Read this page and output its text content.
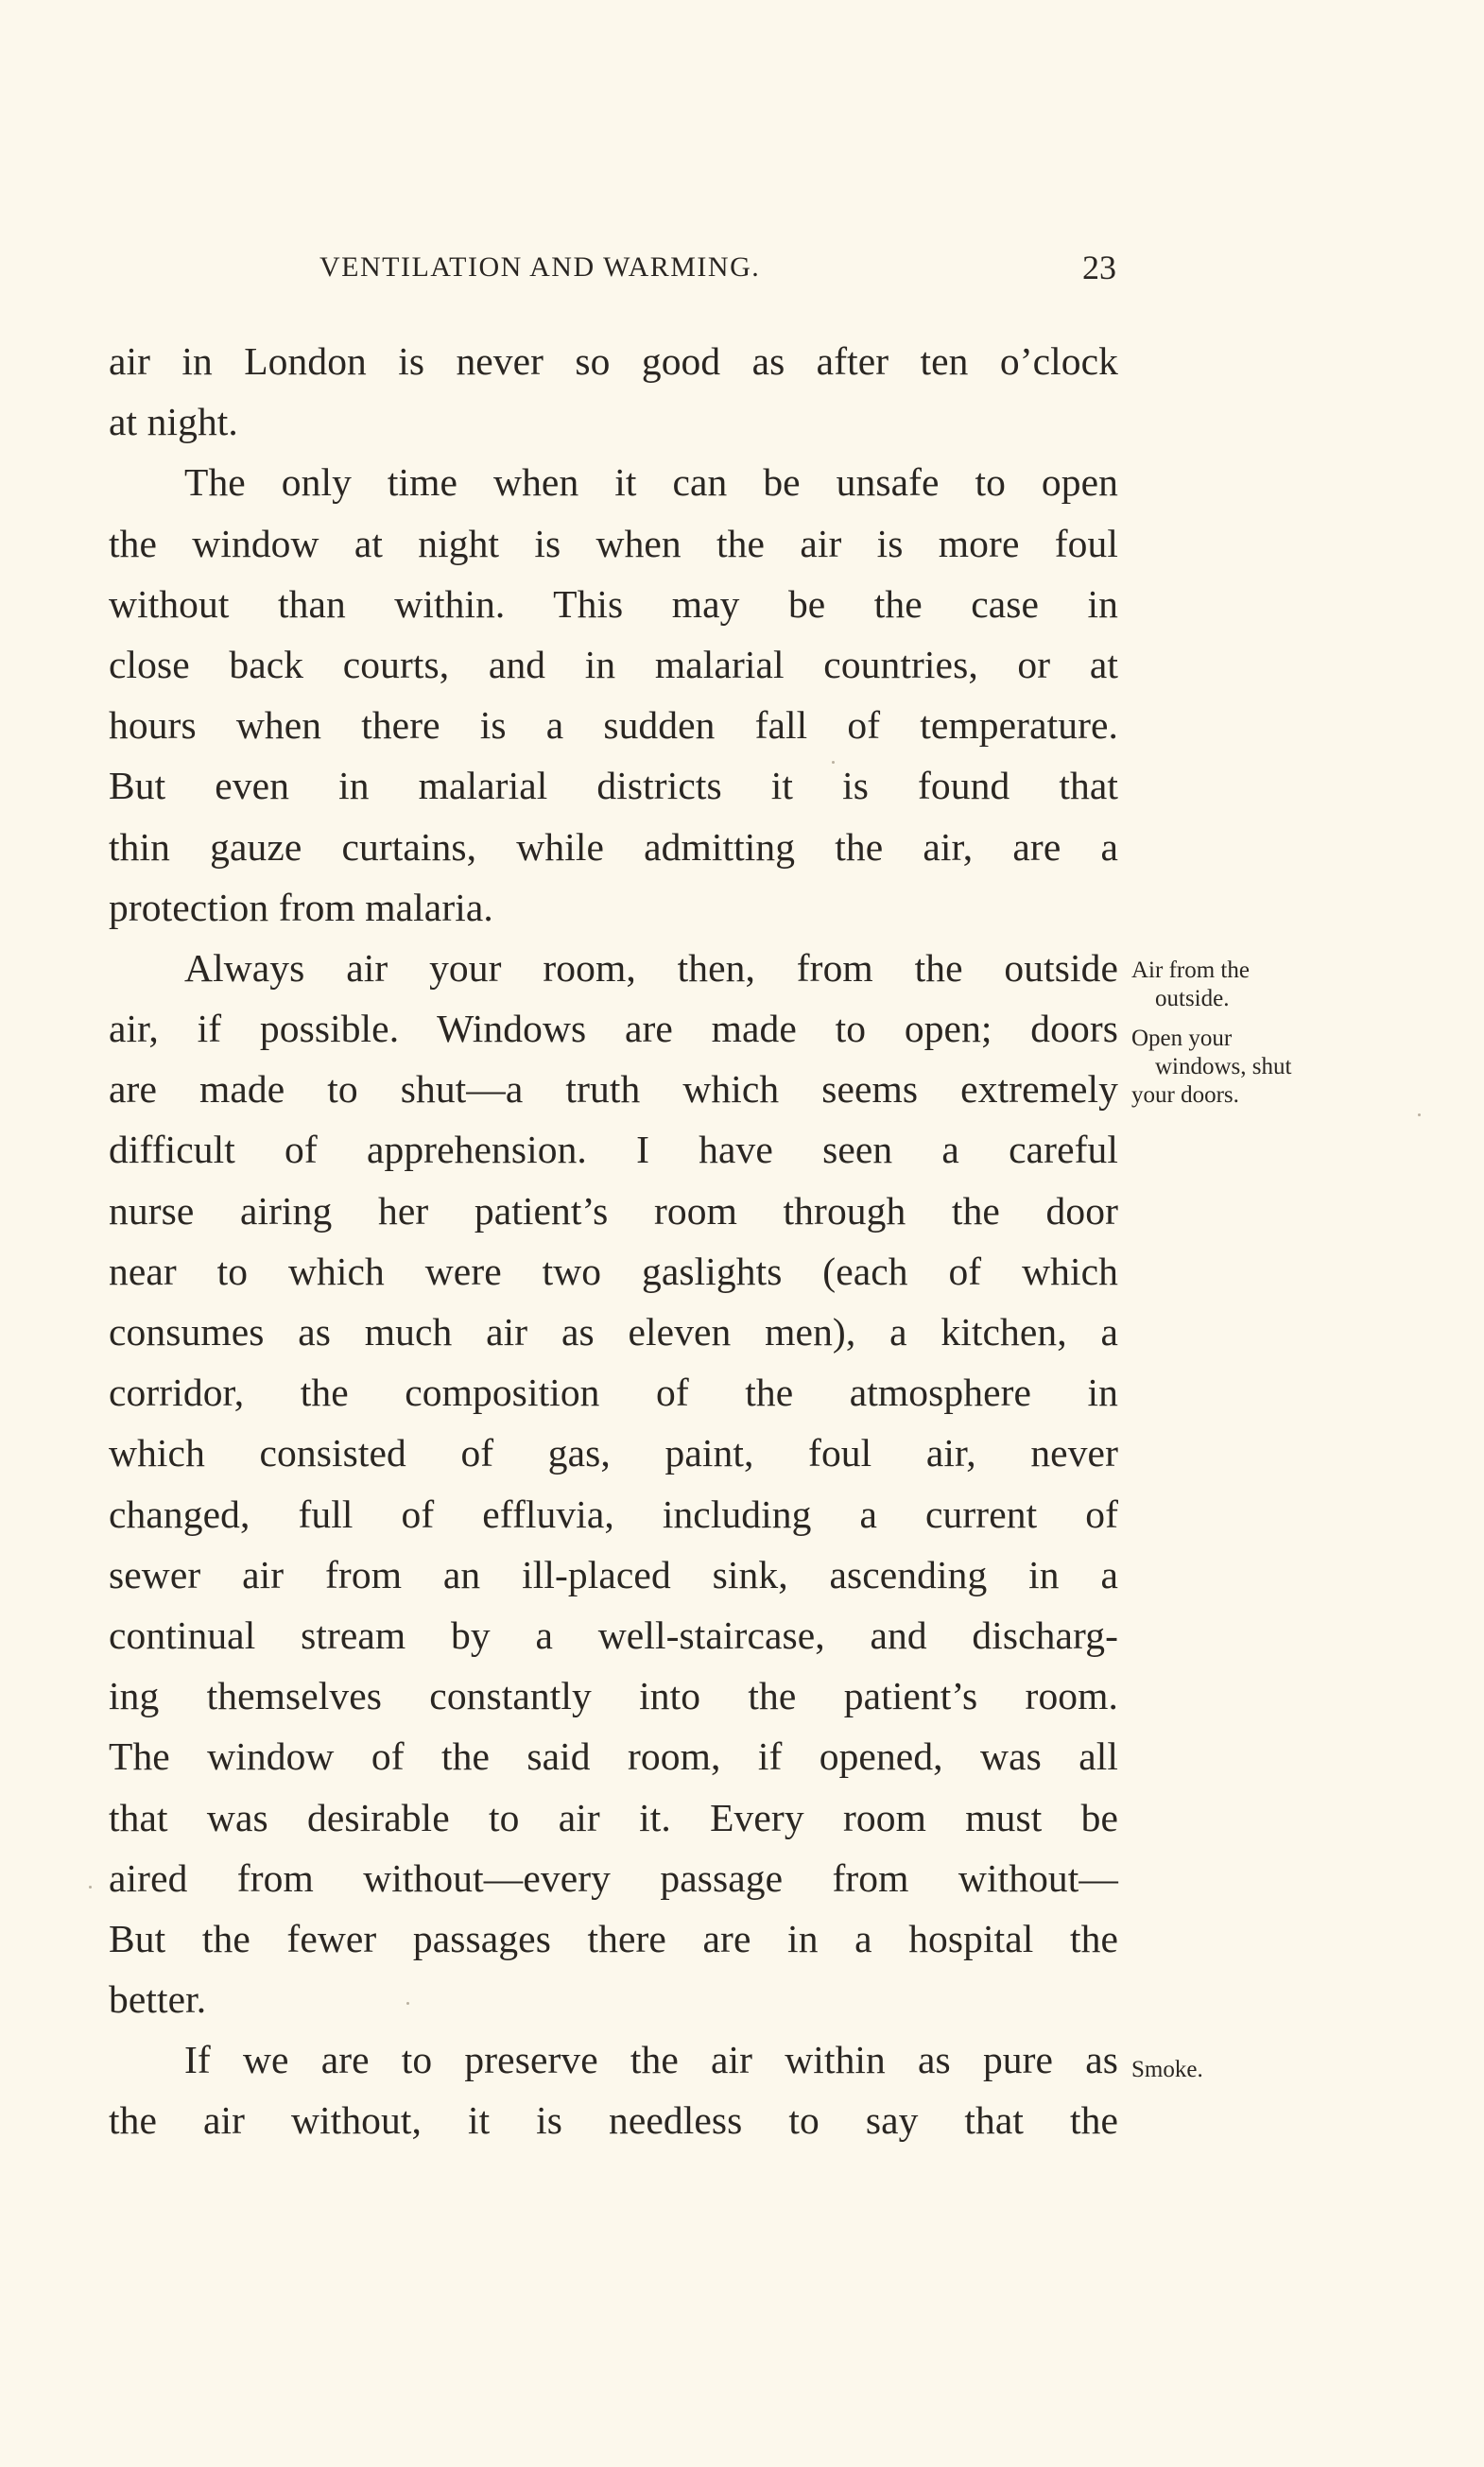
VENTILATION AND WARMING.	23
air in London is never so good as after ten o’clock
at night.
The only time when it can be unsafe to open
the window at night is when the air is more foul
without than within. This may be the case in
close back courts, and in malarial countries, or at
hours when there is a sudden fall of temperature.
But even in malarial districts it is found that
thin gauze curtains, while admitting the air, are a
protection from malaria.
Always air your room, then, from the outside
air, if possible. Windows are made to open; doors
are made to shut—a truth which seems extremely
difficult of apprehension. I have seen a careful
nurse airing her patient’s room through the door
near to which were two gaslights (each of which
consumes as much air as eleven men), a kitchen, a
corridor, the composition of the atmosphere in
which consisted of gas, paint, foul air, never
changed, full of effluvia, including a current of
sewer air from an ill-placed sink, ascending in a
continual stream by a well-staircase, and discharg-
ing themselves constantly into the patient’s room.
The window of the said room, if opened, was all
that was desirable to air it. Every room must be
aired from without—every passage from without—
But the fewer passages there are in a hospital the
better.
If we are to preserve the air within as pure as
the air without, it is needless to say that the
Air from the
outside.
Open your
windows, shut
your doors.
Smoke.
